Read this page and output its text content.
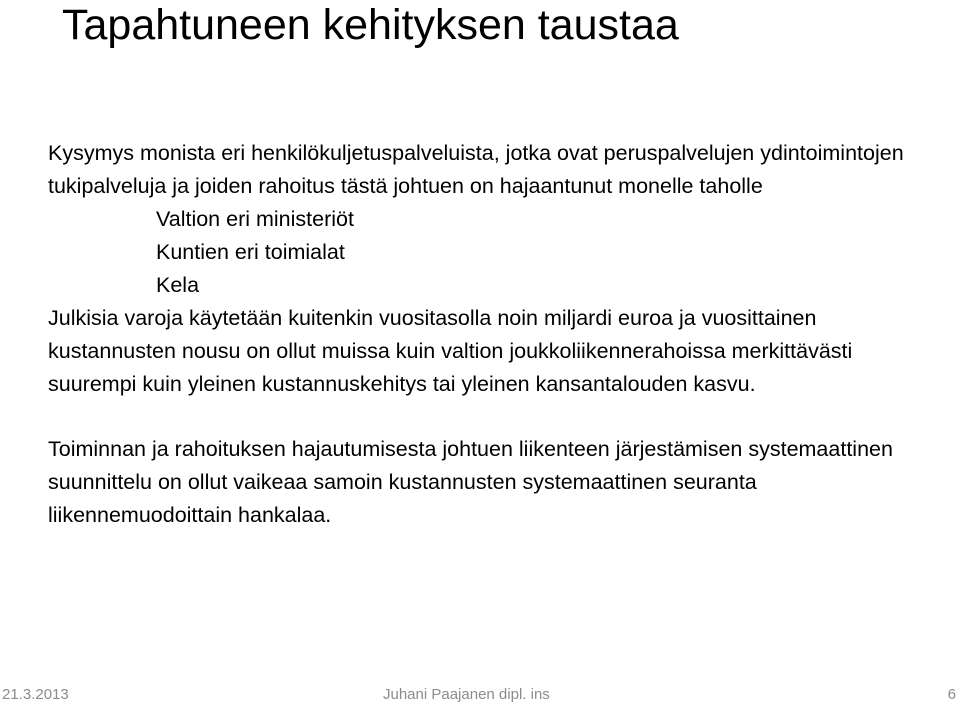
Tapahtuneen kehityksen taustaa

Kysymys monista eri henkilökuljetuspalveluista, jotka ovat peruspalvelujen ydintoimintojen tukipalveluja ja joiden rahoitus tästä johtuen on hajaantunut monelle taholle

Valtion eri ministeriöt
Kuntien eri toimialat
Kela

Julkisia varoja käytetään kuitenkin vuositasolla noin miljardi euroa ja vuosittainen kustannusten nousu on ollut muissa kuin valtion joukkoliikennerahoissa merkittävästi suurempi kuin yleinen kustannuskehitys tai yleinen kansantalouden kasvu.

Toiminnan ja rahoituksen hajautumisesta johtuen liikenteen järjestämisen systemaattinen suunnittelu on ollut vaikeaa samoin kustannusten systemaattinen seuranta liikennemuodoittain hankalaa.

21.3.2013	Juhani Paajanen dipl. ins	6
